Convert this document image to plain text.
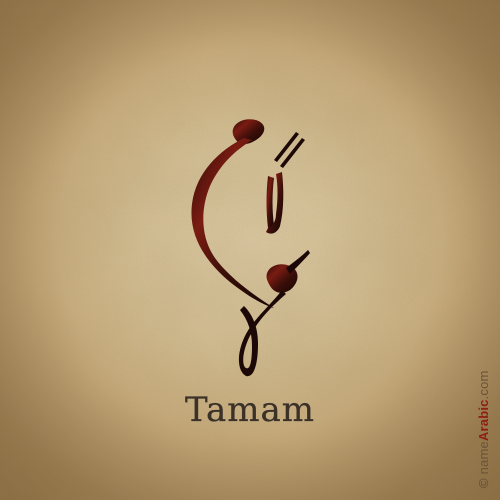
Tamam
© nameArabic.com
